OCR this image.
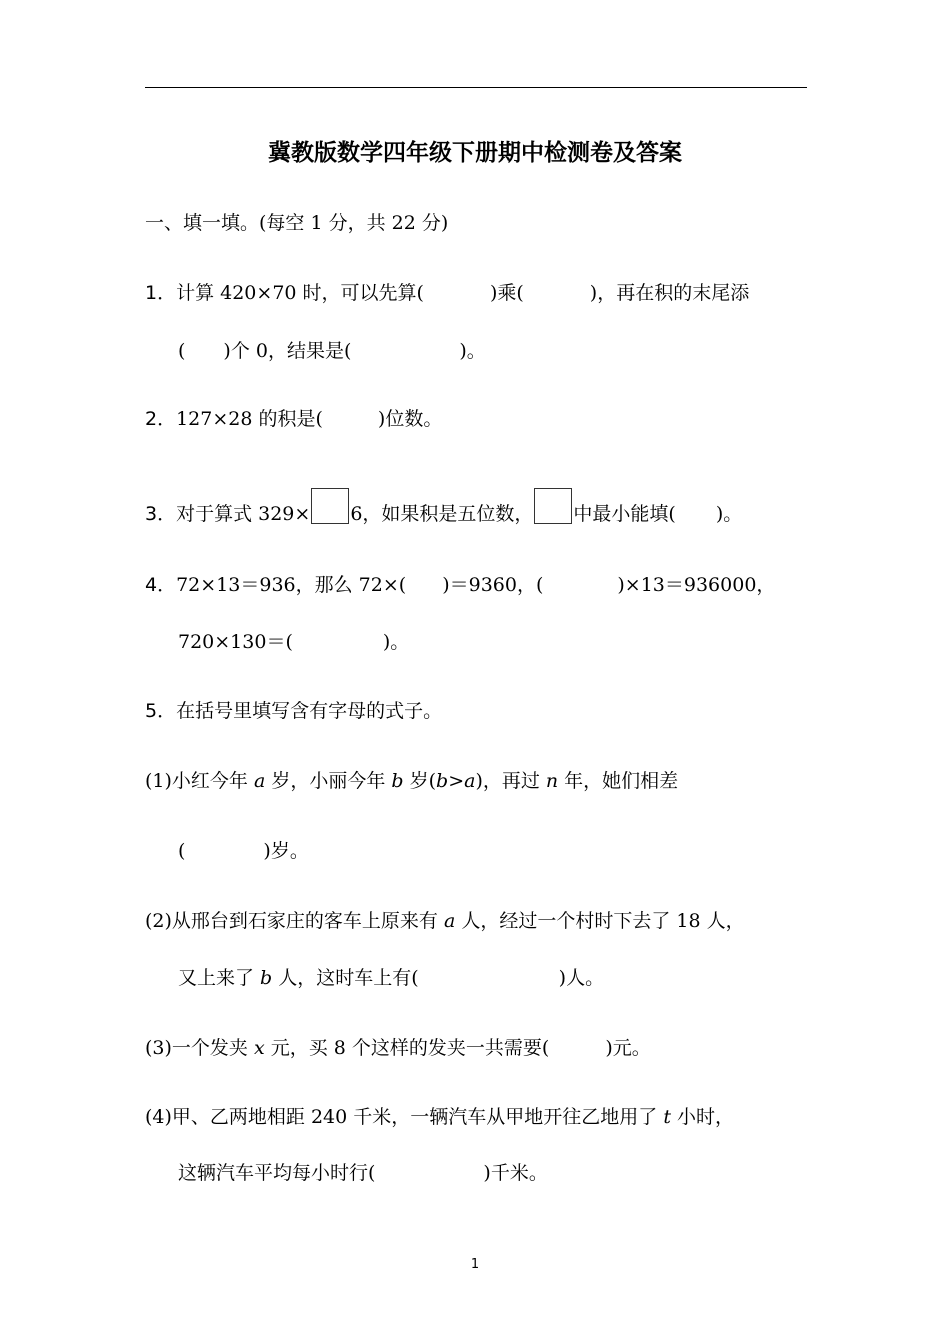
冀教版数学四年级下册期中检测卷及答案
一、填一填。(每空 1 分，共 22 分)
1．计算 420×70 时，可以先算(	)乘(	)，再在积的末尾添
( )个 0，结果是(	)。
2．127×28 的积是(	)位数。
3．对于算式 329× 6，如果积是五位数， 中最小能填( )。
4．72×13＝936，那么 72×( )＝9360，(	)×13＝936000，
720×130＝(	)。
5．在括号里填写含有字母的式子。
(1)小红今年 a 岁，小丽今年 b 岁(b>a)，再过 n 年，她们相差
(	)岁。
(2)从邢台到石家庄的客车上原来有 a 人，经过一个村时下去了 18 人，
又上来了 b 人，这时车上有(	)人。
(3)一个发夹 x 元，买 8 个这样的发夹一共需要(	)元。
(4)甲、乙两地相距 240 千米，一辆汽车从甲地开往乙地用了 t 小时，
这辆汽车平均每小时行(	)千米。
1
